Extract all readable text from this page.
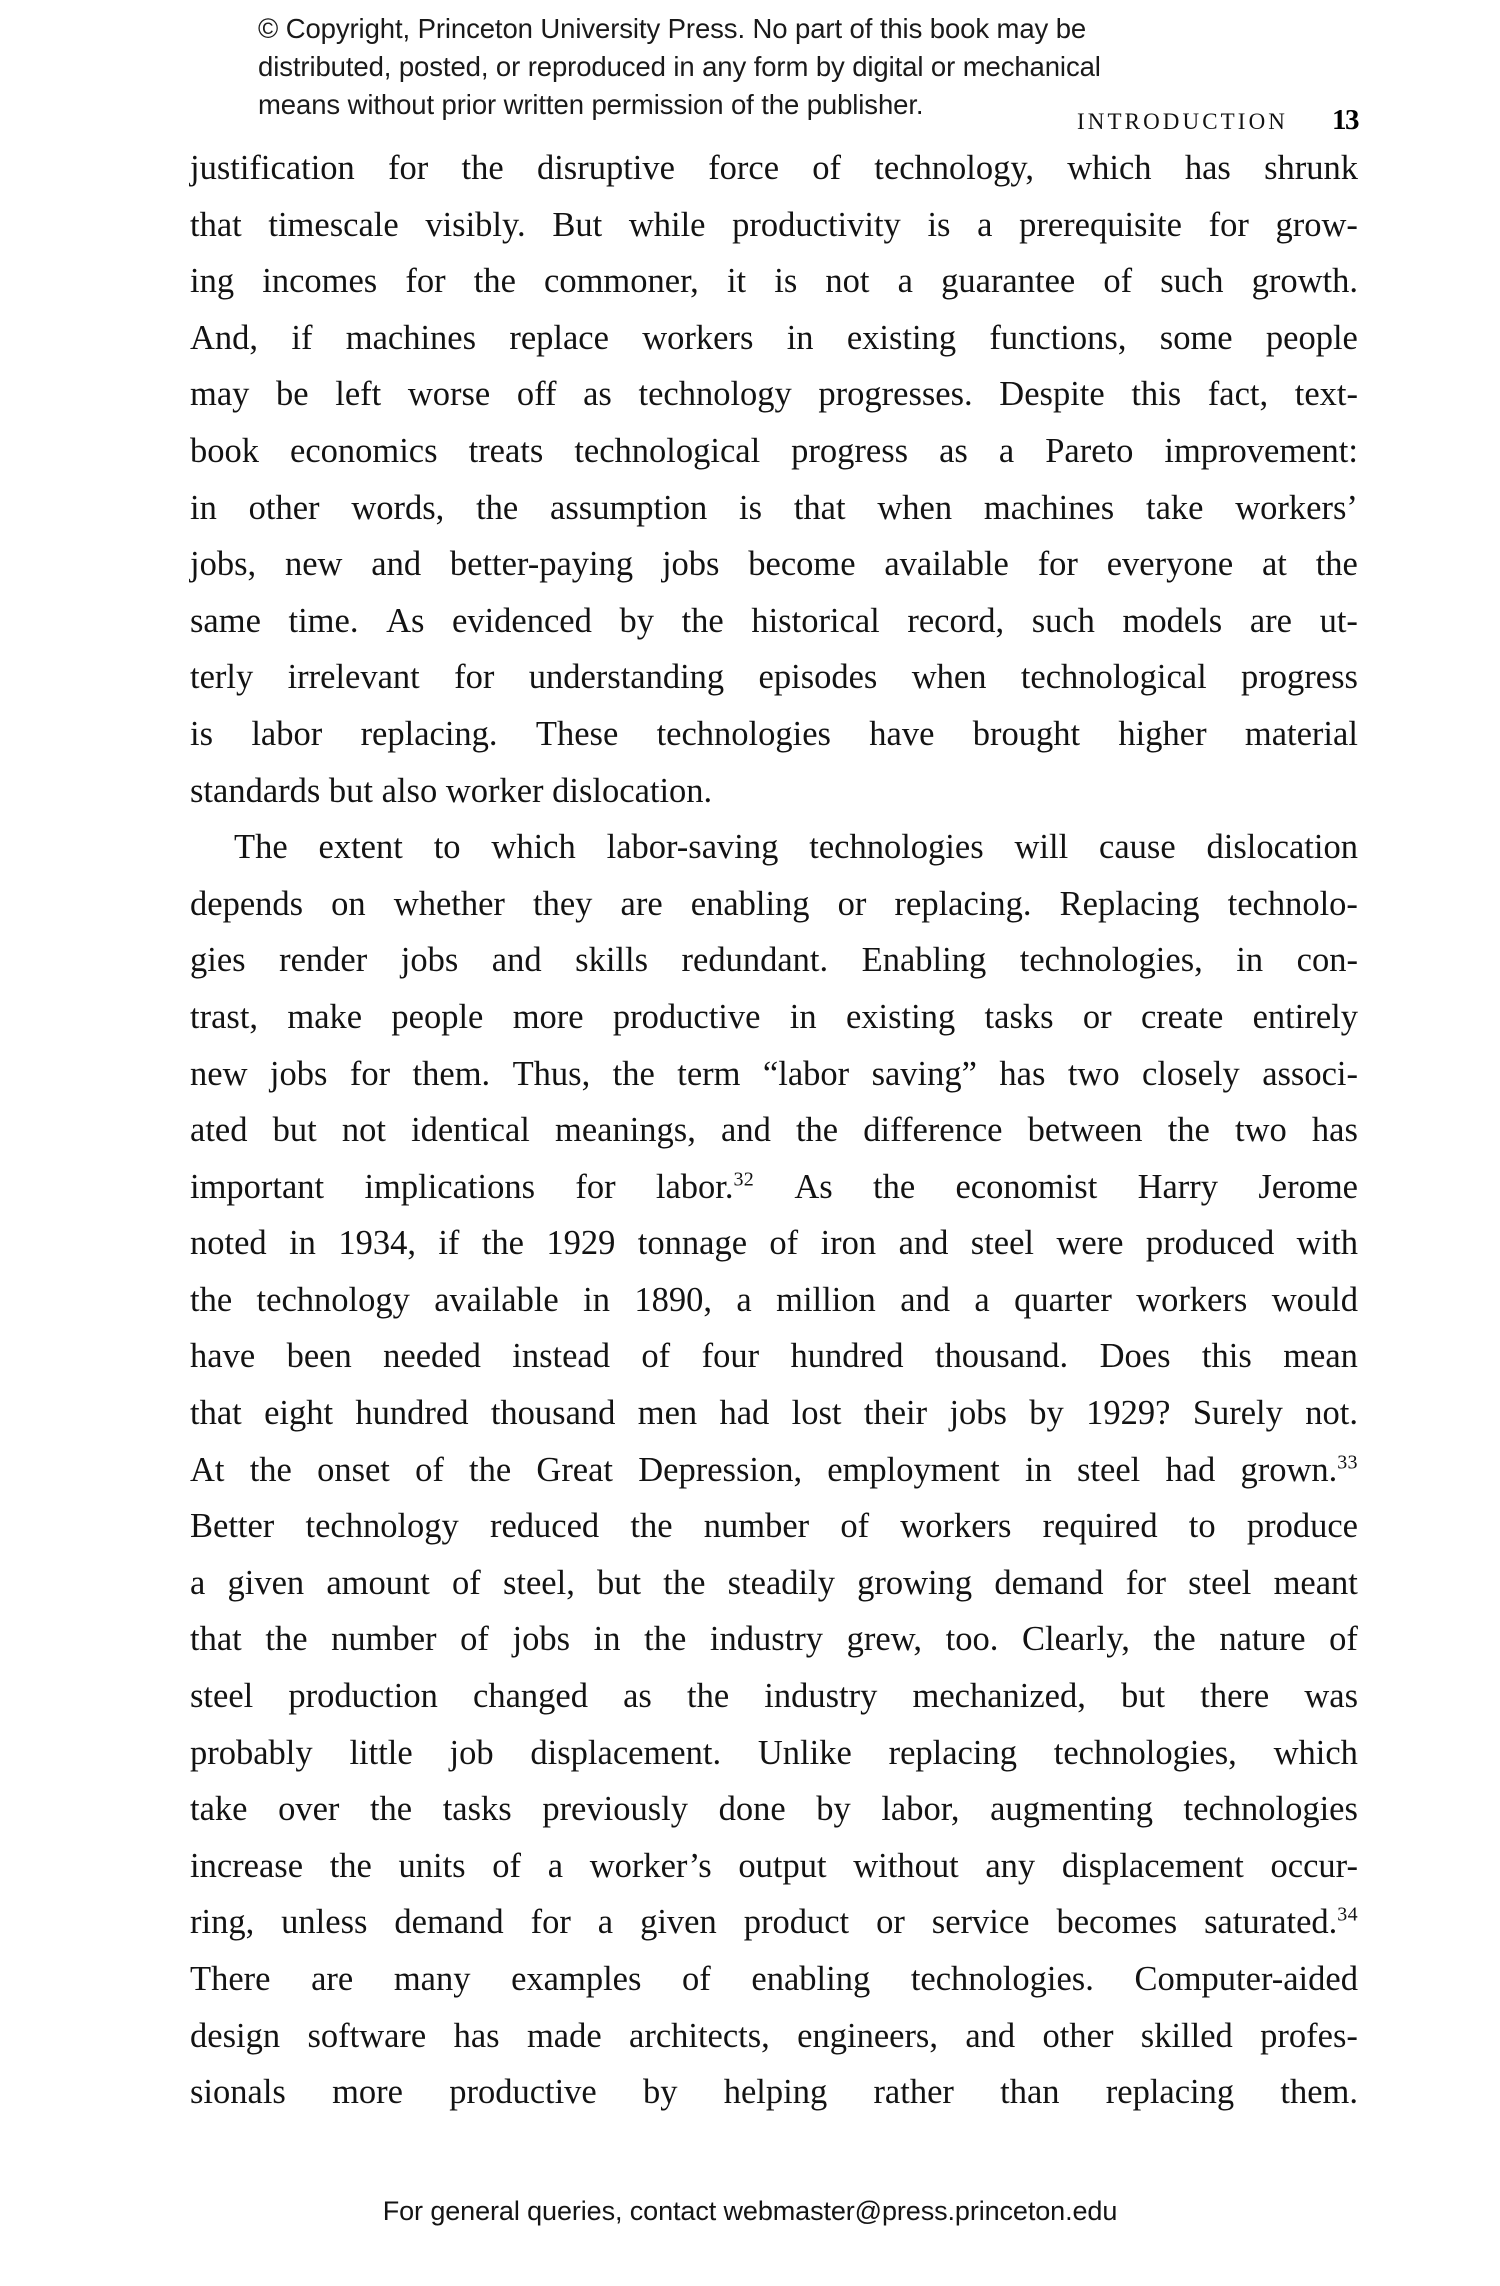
© Copyright, Princeton University Press. No part of this book may be
distributed, posted, or reproduced in any form by digital or mechanical
means without prior written permission of the publisher.
INTRODUCTION 13
justification for the disruptive force of technology, which has shrunk
that timescale visibly. But while productivity is a prerequisite for grow-
ing incomes for the commoner, it is not a guarantee of such growth.
And, if machines replace workers in existing functions, some people
may be left worse off as technology progresses. Despite this fact, text-
book economics treats technological progress as a Pareto improvement:
in other words, the assumption is that when machines take workers’
jobs, new and better-paying jobs become available for everyone at the
same time. As evidenced by the historical record, such models are ut-
terly irrelevant for understanding episodes when technological progress
is labor replacing. These technologies have brought higher material
standards but also worker dislocation.
The extent to which labor-saving technologies will cause dislocation
depends on whether they are enabling or replacing. Replacing technolo-
gies render jobs and skills redundant. Enabling technologies, in con-
trast, make people more productive in existing tasks or create entirely
new jobs for them. Thus, the term “labor saving” has two closely associ-
ated but not identical meanings, and the difference between the two has
important implications for labor.$^{32}$ As the economist Harry Jerome
noted in 1934, if the 1929 tonnage of iron and steel were produced with
the technology available in 1890, a million and a quarter workers would
have been needed instead of four hundred thousand. Does this mean
that eight hundred thousand men had lost their jobs by 1929? Surely not.
At the onset of the Great Depression, employment in steel had grown.$^{33}$
Better technology reduced the number of workers required to produce
a given amount of steel, but the steadily growing demand for steel meant
that the number of jobs in the industry grew, too. Clearly, the nature of
steel production changed as the industry mechanized, but there was
probably little job displacement. Unlike replacing technologies, which
take over the tasks previously done by labor, augmenting technologies
increase the units of a worker’s output without any displacement occur-
ring, unless demand for a given product or service becomes saturated.$^{34}$
There are many examples of enabling technologies. Computer-aided
design software has made architects, engineers, and other skilled profes-
sionals more productive by helping rather than replacing them.
For general queries, contact webmaster@press.princeton.edu
